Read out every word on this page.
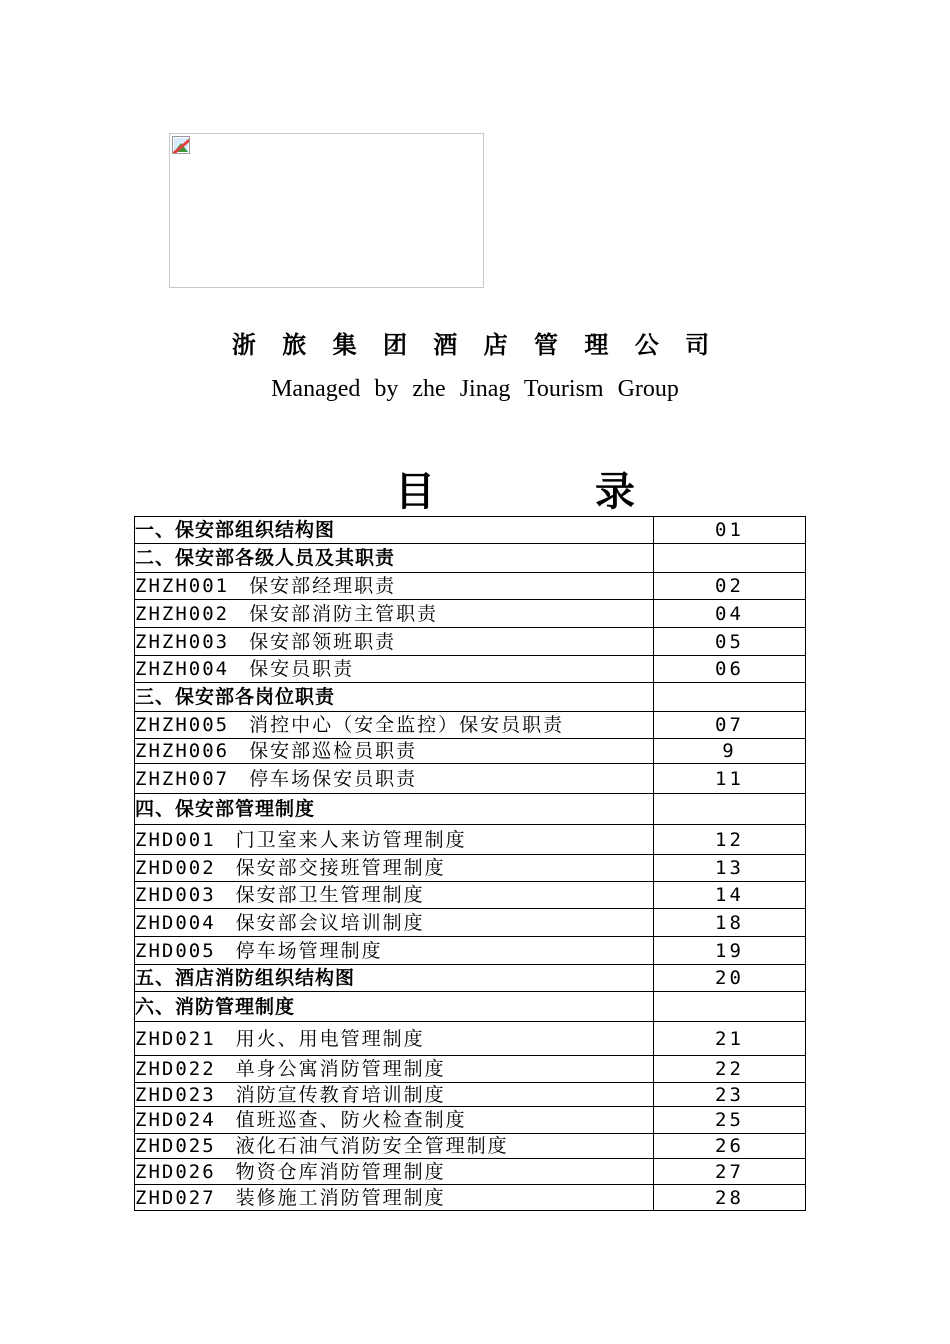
浙 旅 集 团 酒 店 管 理 公 司
Managed by zhe Jinag Tourism Group
目	录
一、保安部组织结构图	01
二、保安部各级人员及其职责	
ZHZH001 保安部经理职责	02
ZHZH002 保安部消防主管职责	04
ZHZH003 保安部领班职责	05
ZHZH004 保安员职责	06
三、保安部各岗位职责	
ZHZH005 消控中心（安全监控）保安员职责	07
ZHZH006 保安部巡检员职责	9
ZHZH007 停车场保安员职责	11
四、保安部管理制度	
ZHD001 门卫室来人来访管理制度	12
ZHD002 保安部交接班管理制度	13
ZHD003 保安部卫生管理制度	14
ZHD004 保安部会议培训制度	18
ZHD005 停车场管理制度	19
五、酒店消防组织结构图	20
六、消防管理制度	
ZHD021 用火、用电管理制度	21
ZHD022 单身公寓消防管理制度	22
ZHD023 消防宣传教育培训制度	23
ZHD024 值班巡查、防火检查制度	25
ZHD025 液化石油气消防安全管理制度	26
ZHD026 物资仓库消防管理制度	27
ZHD027 装修施工消防管理制度	28
